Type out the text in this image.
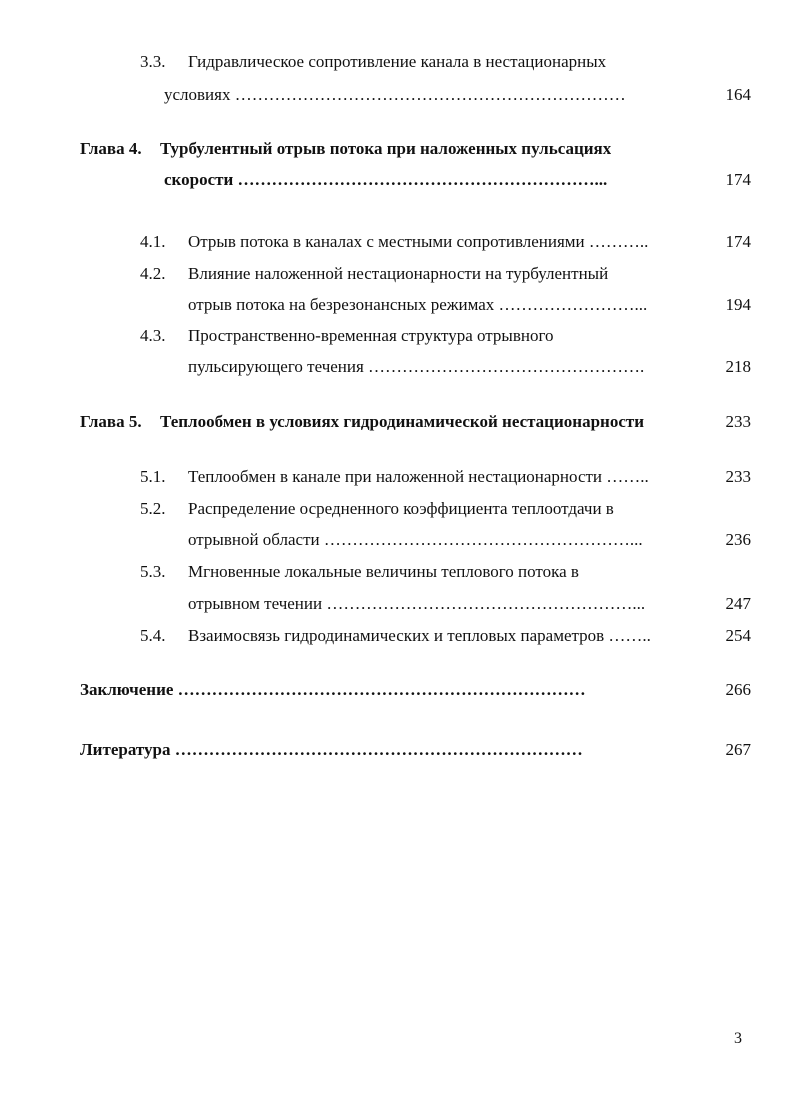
3.3. Гидравлическое сопротивление канала в нестационарных
условиях ……………………………………………………………	164
Глава 4. Турбулентный отрыв потока при наложенных пульсациях
скорости ………………………………………………………...	174
4.1. Отрыв потока в каналах с местными сопротивлениями ………..	174
4.2. Влияние наложенной нестационарности на турбулентный
отрыв потока на безрезонансных режимах ……………………...	194
4.3. Пространственно-временная структура отрывного
пульсирующего течения ………………………………………….	218
Глава 5. Теплообмен в условиях гидродинамической нестационарности	233
5.1. Теплообмен в канале при наложенной нестационарности ……..	233
5.2. Распределение осредненного коэффициента теплоотдачи в
отрывной области ………………………………………………...	236
5.3. Мгновенные локальные величины теплового потока в
отрывном течении ………………………………………………...	247
5.4. Взаимосвязь гидродинамических и тепловых параметров ……..	254
Заключение ………………………………………………………………	266
Литература ………………………………………………………………	267
3
